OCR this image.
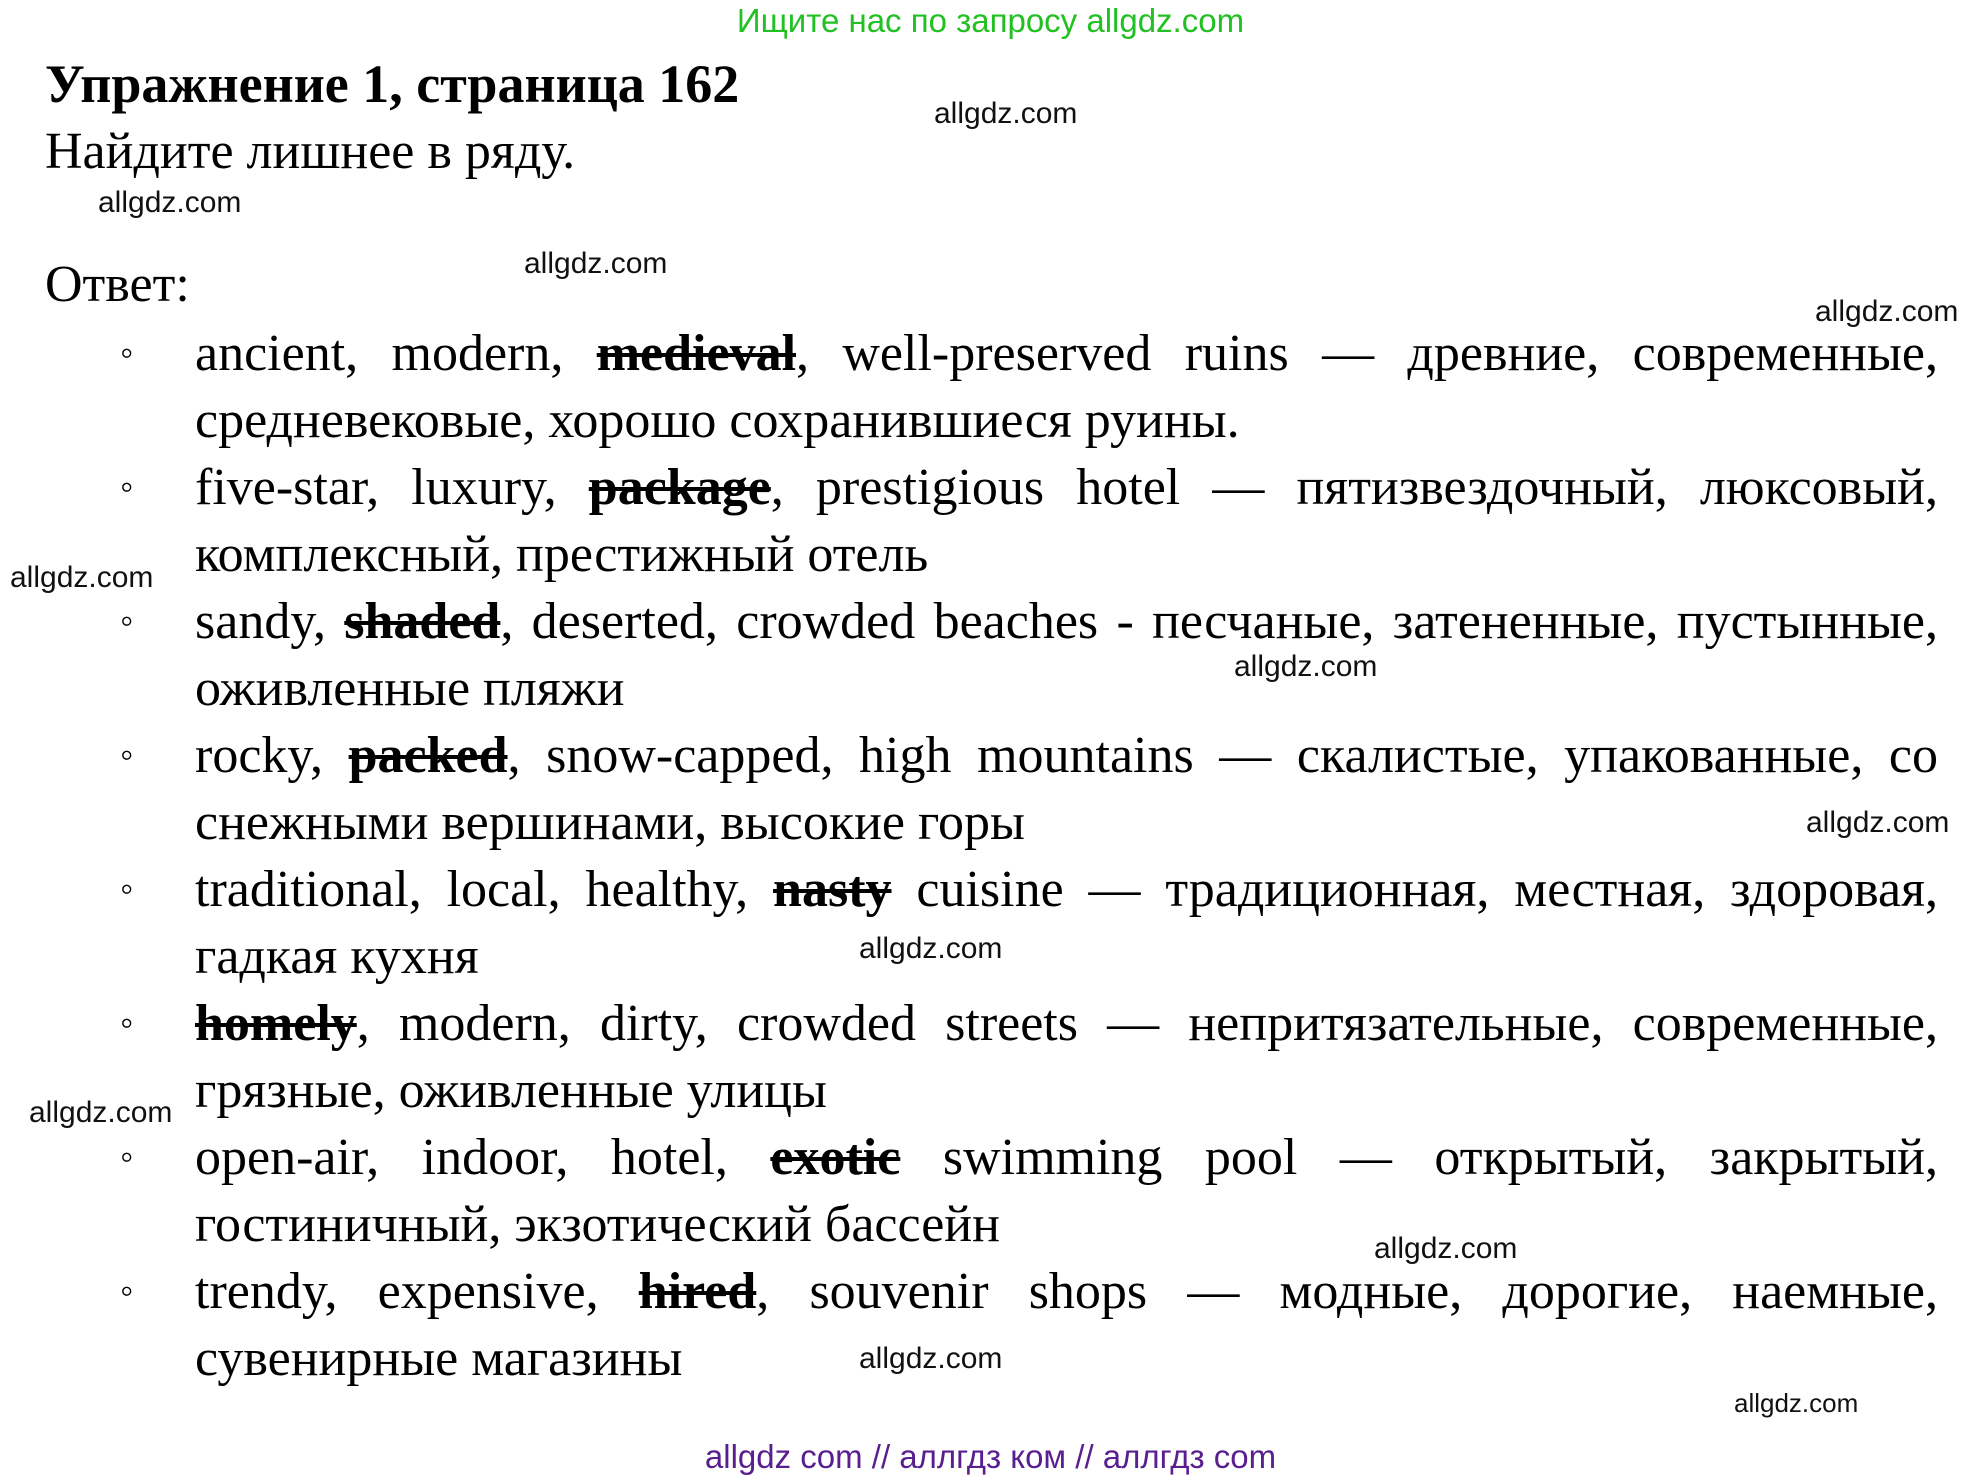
Ищите нас по запросу allgdz.com
Упражнение 1, страница 162
Найдите лишнее в ряду.
Ответ:
◦ ancient, modern, medieval, well-preserved ruins — древние, современные, средневековые, хорошо сохранившиеся руины.
◦ five-star, luxury, package, prestigious hotel — пятизвездочный, люксовый, комплексный, престижный отель
◦ sandy, shaded, deserted, crowded beaches - песчаные, затененные, пустынные, оживленные пляжи
◦ rocky, packed, snow-capped, high mountains — скалистые, упакованные, со снежными вершинами, высокие горы
◦ traditional, local, healthy, nasty cuisine — традиционная, местная, здоровая, гадкая кухня
◦ homely, modern, dirty, crowded streets — непритязательные, современные, грязные, оживленные улицы
◦ open-air, indoor, hotel, exotic swimming pool — открытый, закрытый, гостиничный, экзотический бассейн
◦ trendy, expensive, hired, souvenir shops — модные, дорогие, наемные, сувенирные магазины
allgdz.com
allgdz.com
allgdz.com
allgdz.com
allgdz.com
allgdz.com
allgdz.com
allgdz.com
allgdz.com
allgdz.com
allgdz.com
allgdz.com
allgdz com // аллгдз ком // аллгдз com
